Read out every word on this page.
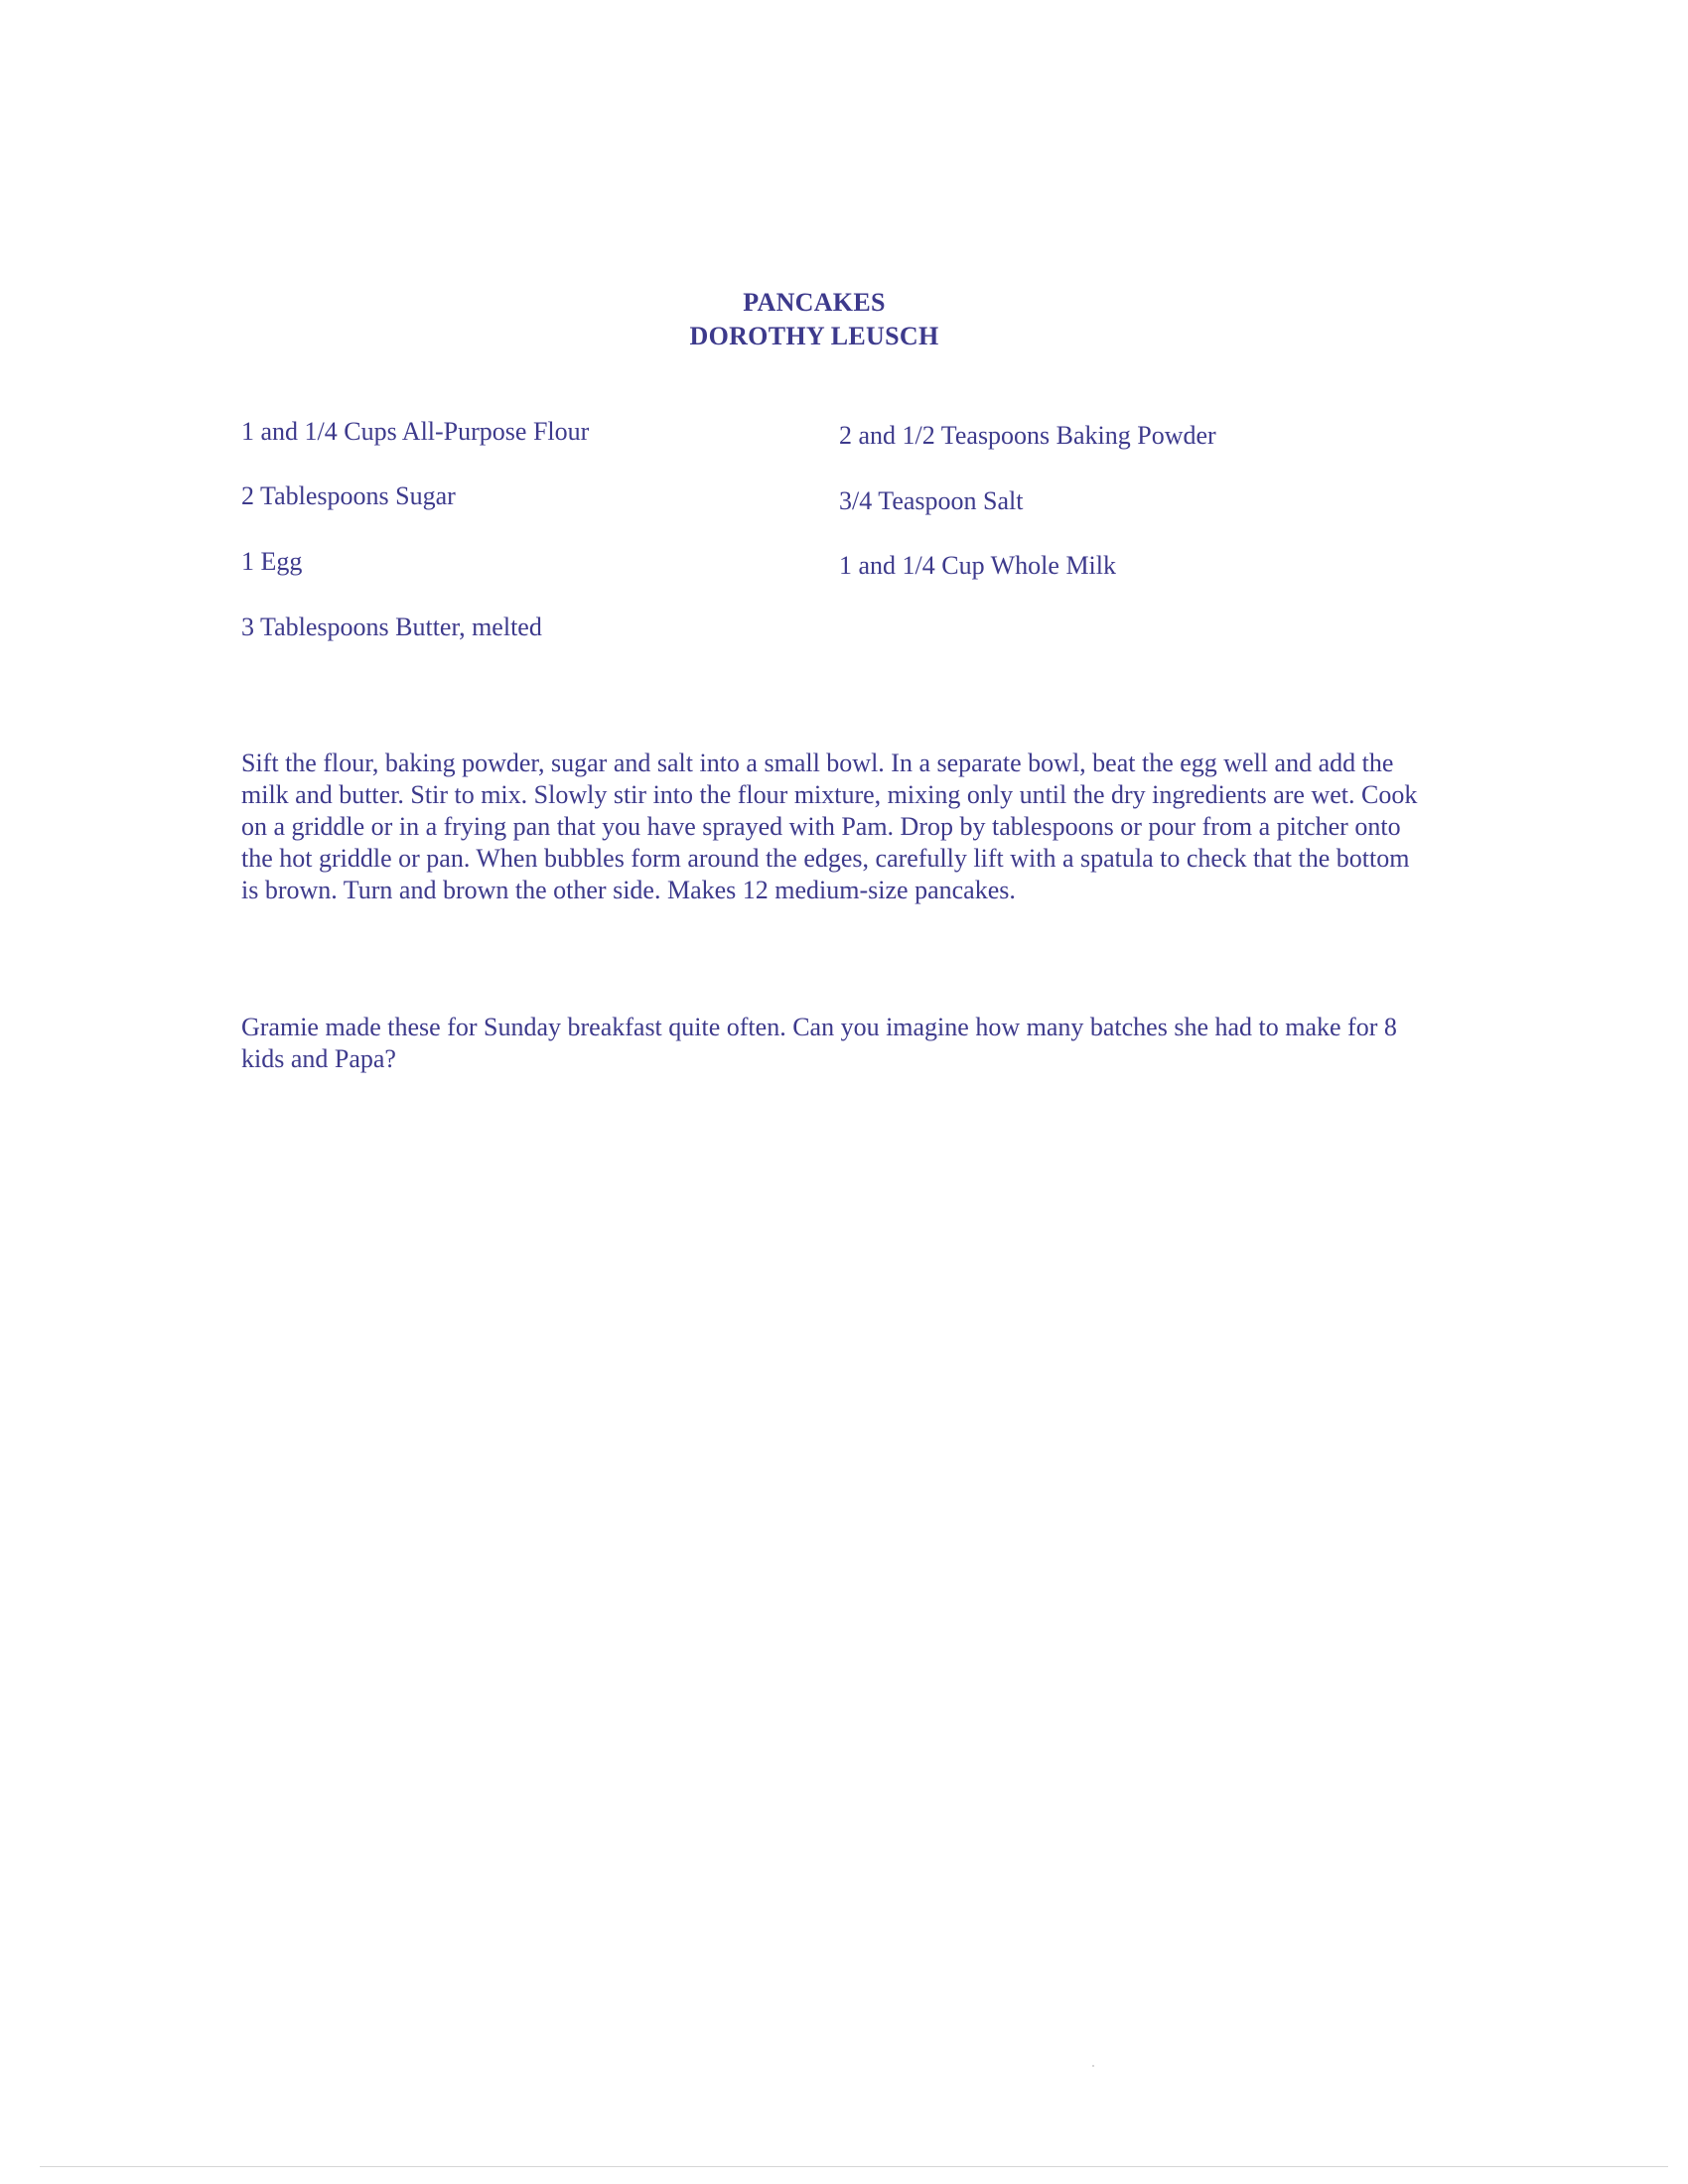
PANCAKES
DOROTHY LEUSCH
1 and 1/4 Cups All-Purpose Flour
2 Tablespoons Sugar
1 Egg
3 Tablespoons Butter, melted
2 and 1/2 Teaspoons Baking Powder
3/4 Teaspoon Salt
1 and 1/4 Cup Whole Milk

Sift the flour, baking powder, sugar and salt into a small bowl. In a separate bowl, beat the egg well and add the milk and butter. Stir to mix. Slowly stir into the flour mixture, mixing only until the dry ingredients are wet. Cook on a griddle or in a frying pan that you have sprayed with Pam. Drop by tablespoons or pour from a pitcher onto the hot griddle or pan. When bubbles form around the edges, carefully lift with a spatula to check that the bottom is brown. Turn and brown the other side. Makes 12 medium-size pancakes.

Gramie made these for Sunday breakfast quite often. Can you imagine how many batches she had to make for 8 kids and Papa?
